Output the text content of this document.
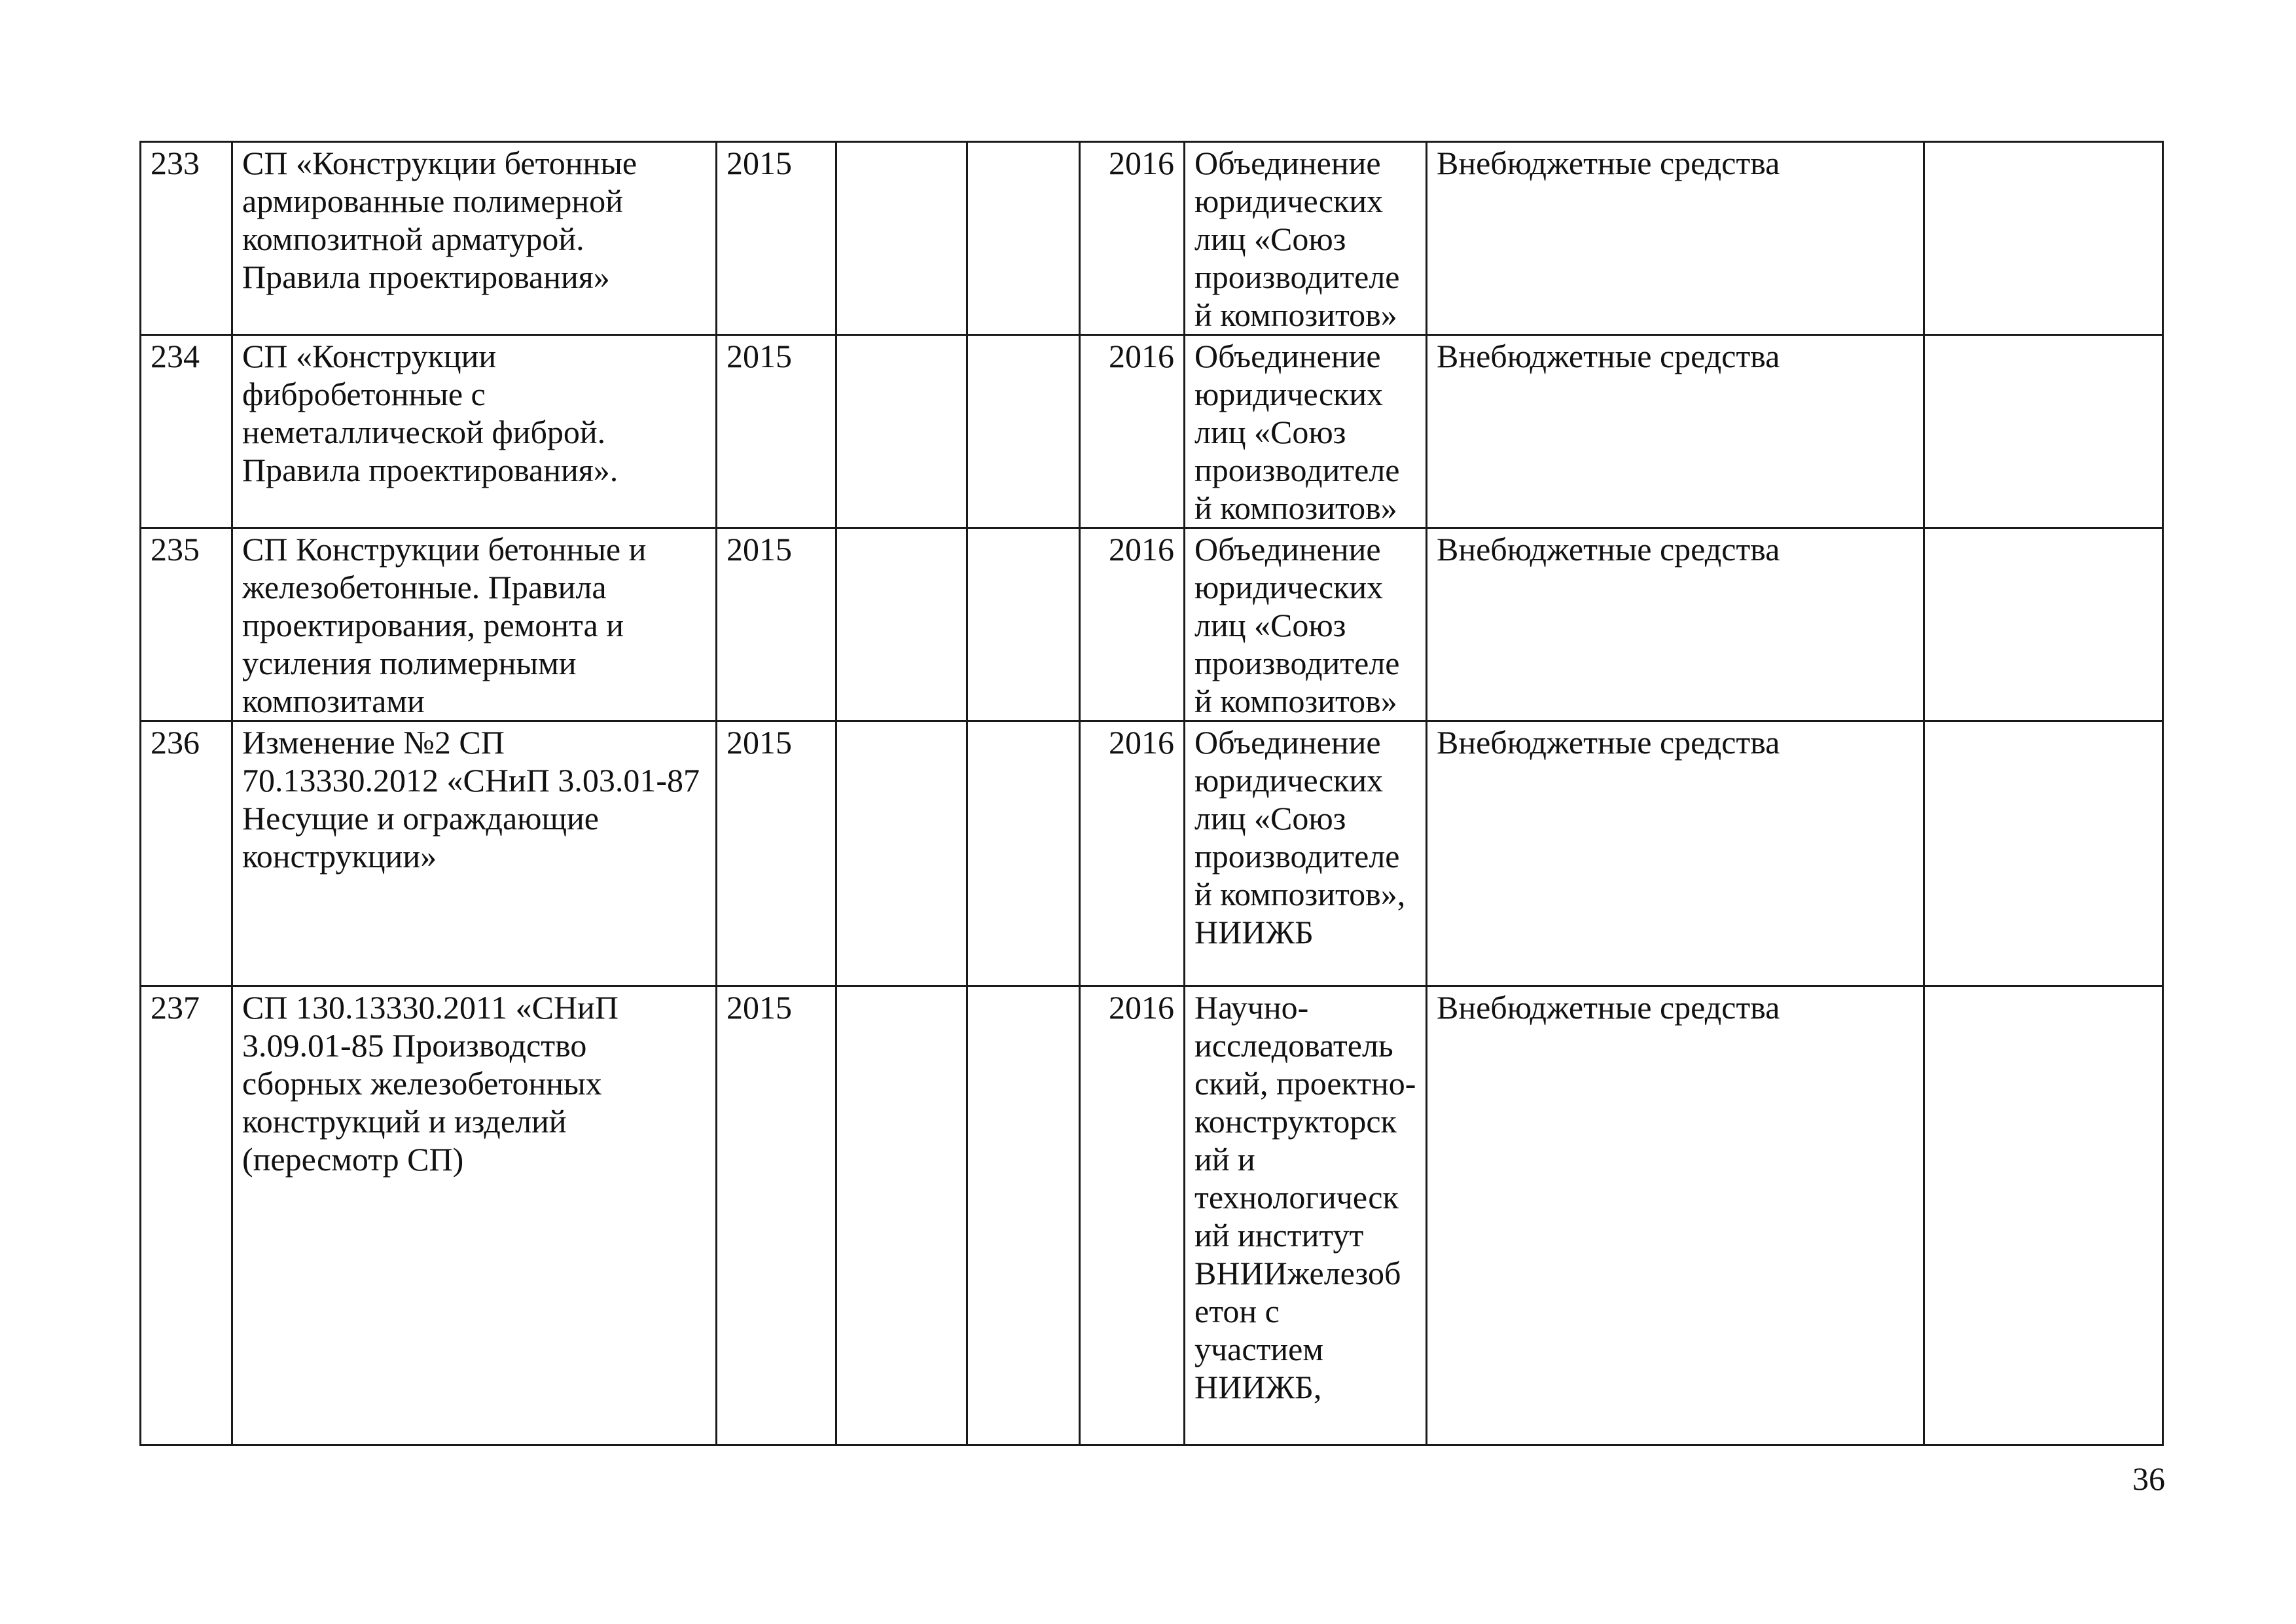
233	СП «Конструкции бетонные армированные полимерной композитной арматурой. Правила проектирования»	2015			2016	Объединение юридических лиц «Союз производителе й композитов»	Внебюджетные средства	
234	СП «Конструкции фибробетонные с неметаллической фиброй. Правила проектирования».	2015			2016	Объединение юридических лиц «Союз производителе й композитов»	Внебюджетные средства	
235	СП Конструкции бетонные и железобетонные. Правила проектирования, ремонта и усиления полимерными композитами	2015			2016	Объединение юридических лиц «Союз производителе й композитов»	Внебюджетные средства	
236	Изменение №2 СП 70.13330.2012 «СНиП 3.03.01-87 Несущие и ограждающие конструкции»	2015			2016	Объединение юридических лиц «Союз производителе й композитов», НИИЖБ	Внебюджетные средства	
237	СП 130.13330.2011 «СНиП 3.09.01-85 Производство сборных железобетонных конструкций и изделий (пересмотр СП)	2015			2016	Научно-исследователь ский, проектно-конструкторск ий и технологическ ий институт ВНИИжелезоб етон с участием НИИЖБ,	Внебюджетные средства	
36
